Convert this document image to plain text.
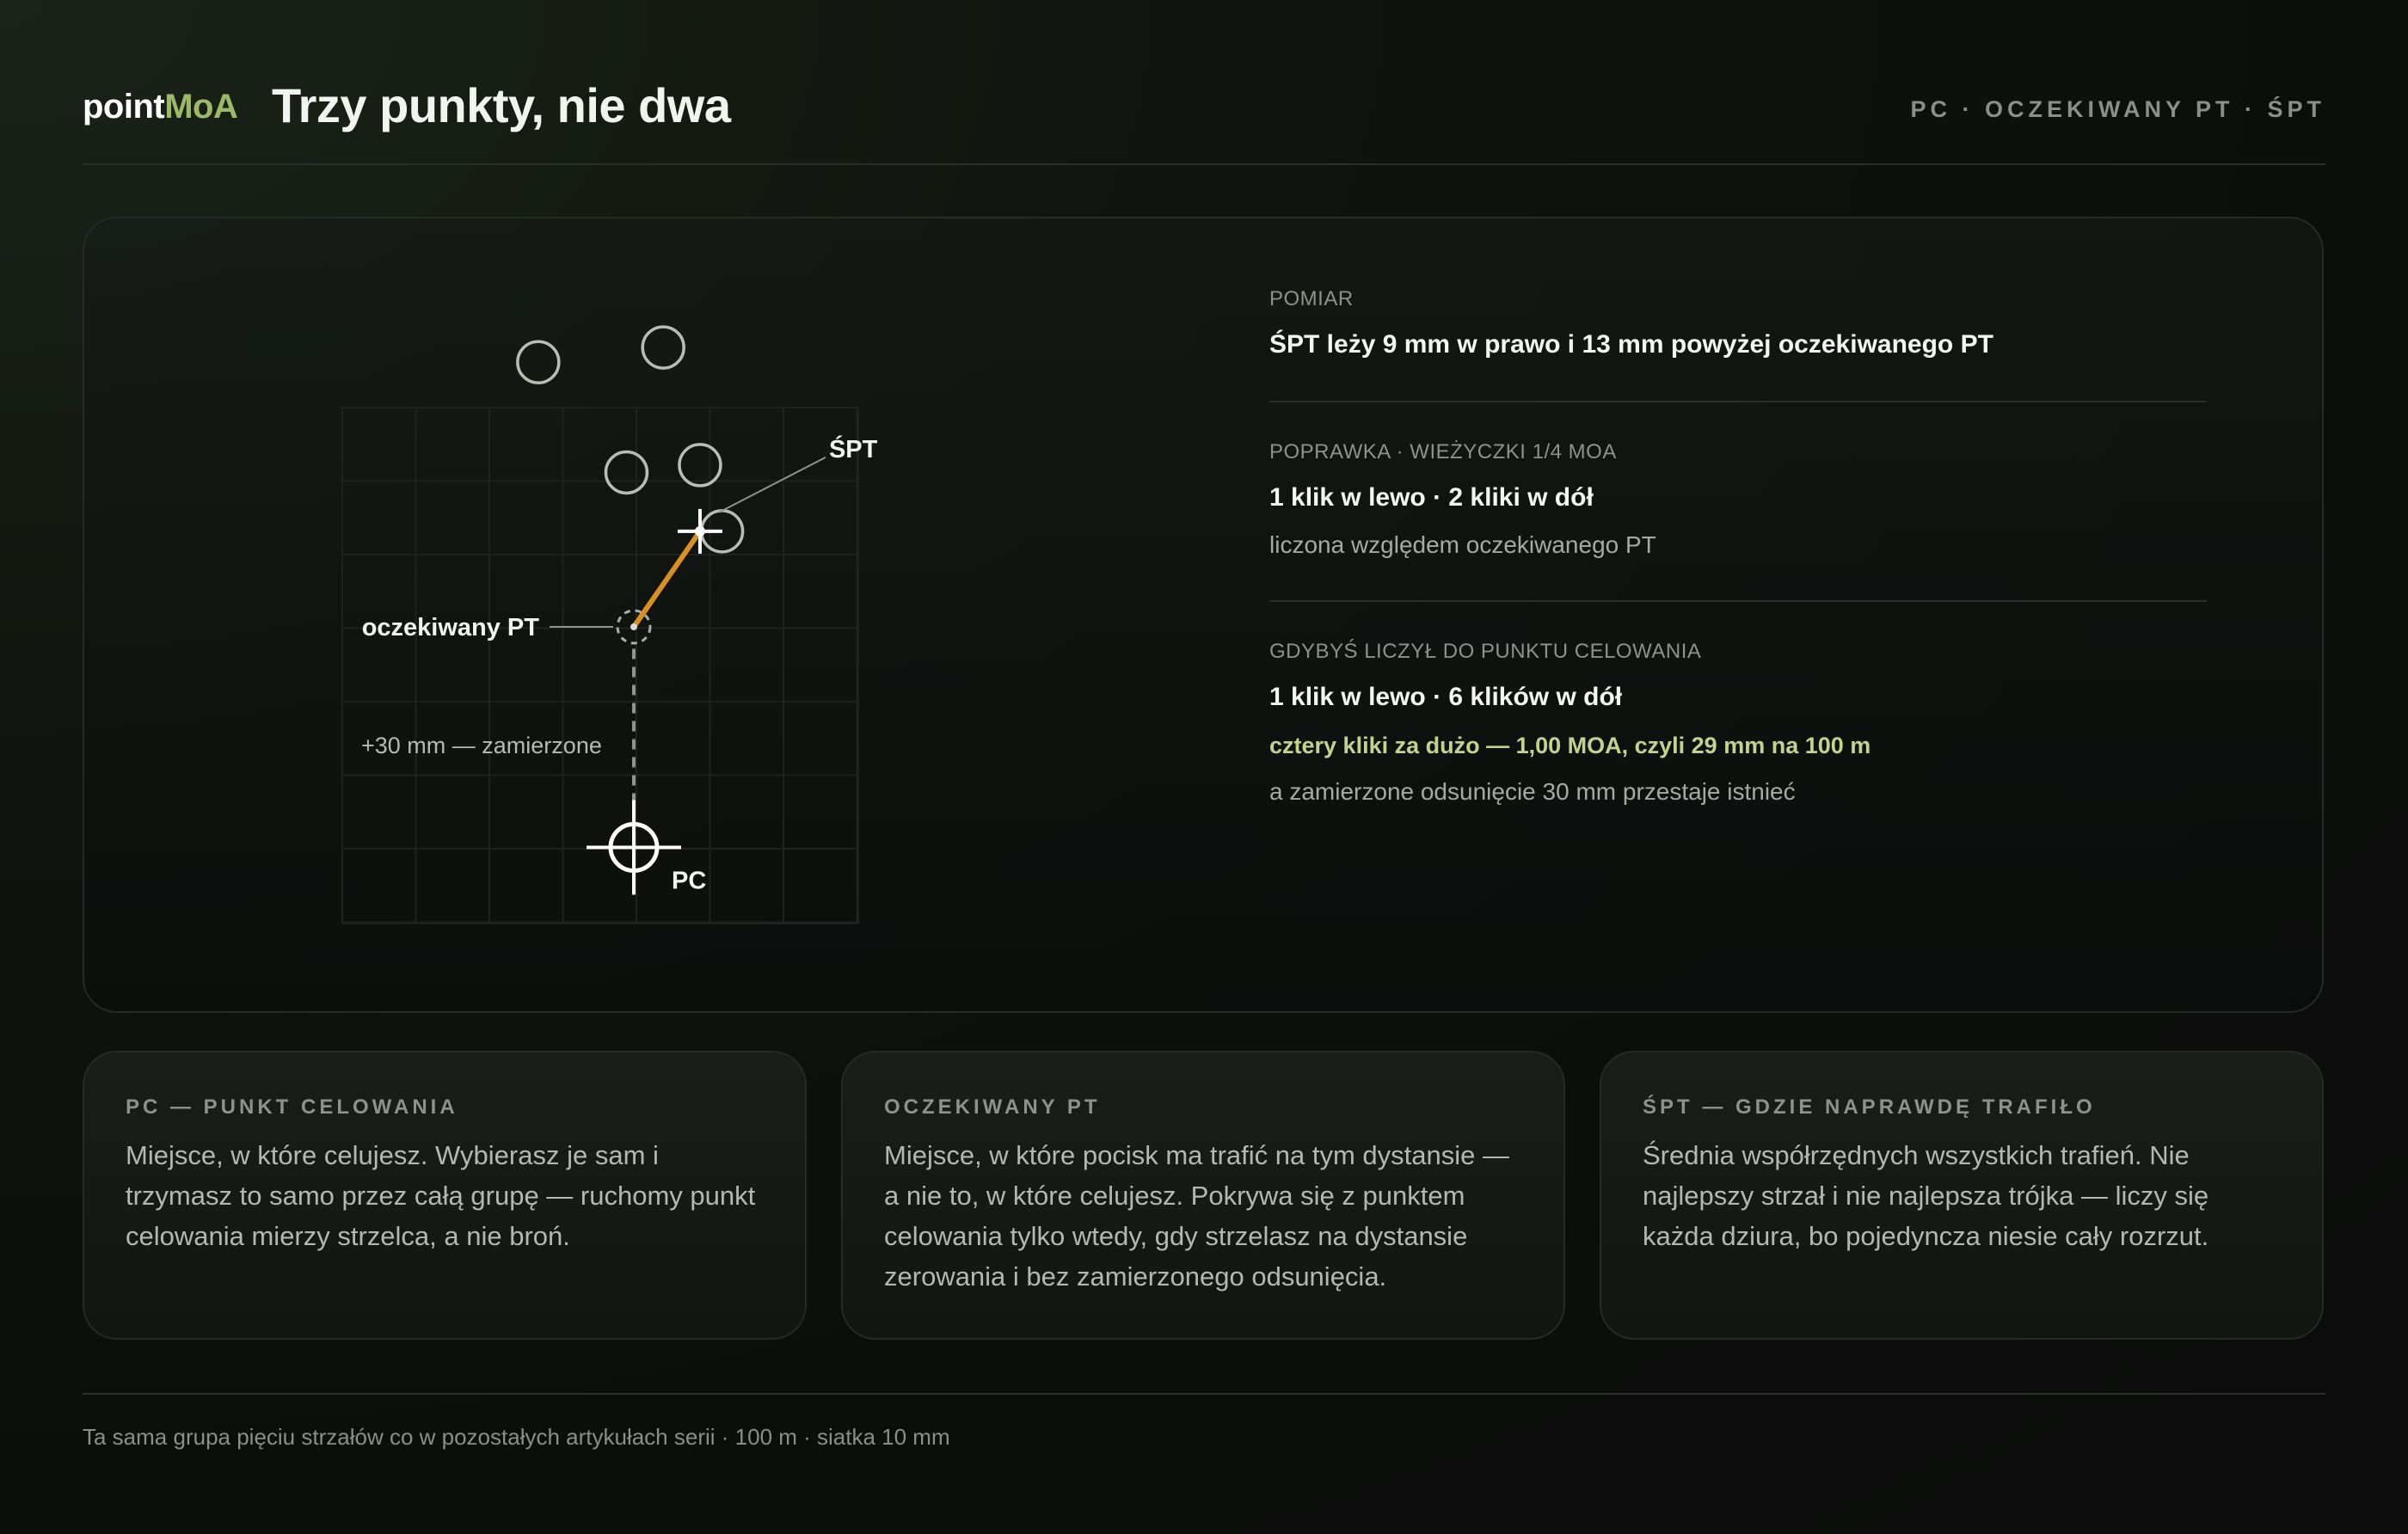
pointMoA Trzy punkty, nie dwa	PC · OCZEKIWANY PT · ŚPT
ŚPT
oczekiwany PT
+30 mm — zamierzone
PC
POMIAR
ŚPT leży 9 mm w prawo i 13 mm powyżej oczekiwanego PT
POPRAWKA · WIEŻYCZKI 1/4 MOA
1 klik w lewo · 2 kliki w dół
liczona względem oczekiwanego PT
GDYBYŚ LICZYŁ DO PUNKTU CELOWANIA
1 klik w lewo · 6 klików w dół
cztery kliki za dużo — 1,00 MOA, czyli 29 mm na 100 m
a zamierzone odsunięcie 30 mm przestaje istnieć
PC — PUNKT CELOWANIA
Miejsce, w które celujesz. Wybierasz je sam i trzymasz to samo przez całą grupę — ruchomy punkt celowania mierzy strzelca, a nie broń.
OCZEKIWANY PT
Miejsce, w które pocisk ma trafić na tym dystansie — a nie to, w które celujesz. Pokrywa się z punktem celowania tylko wtedy, gdy strzelasz na dystansie zerowania i bez zamierzonego odsunięcia.
ŚPT — GDZIE NAPRAWDĘ TRAFIŁO
Średnia współrzędnych wszystkich trafień. Nie najlepszy strzał i nie najlepsza trójka — liczy się każda dziura, bo pojedyncza niesie cały rozrzut.
Ta sama grupa pięciu strzałów co w pozostałych artykułach serii · 100 m · siatka 10 mm
